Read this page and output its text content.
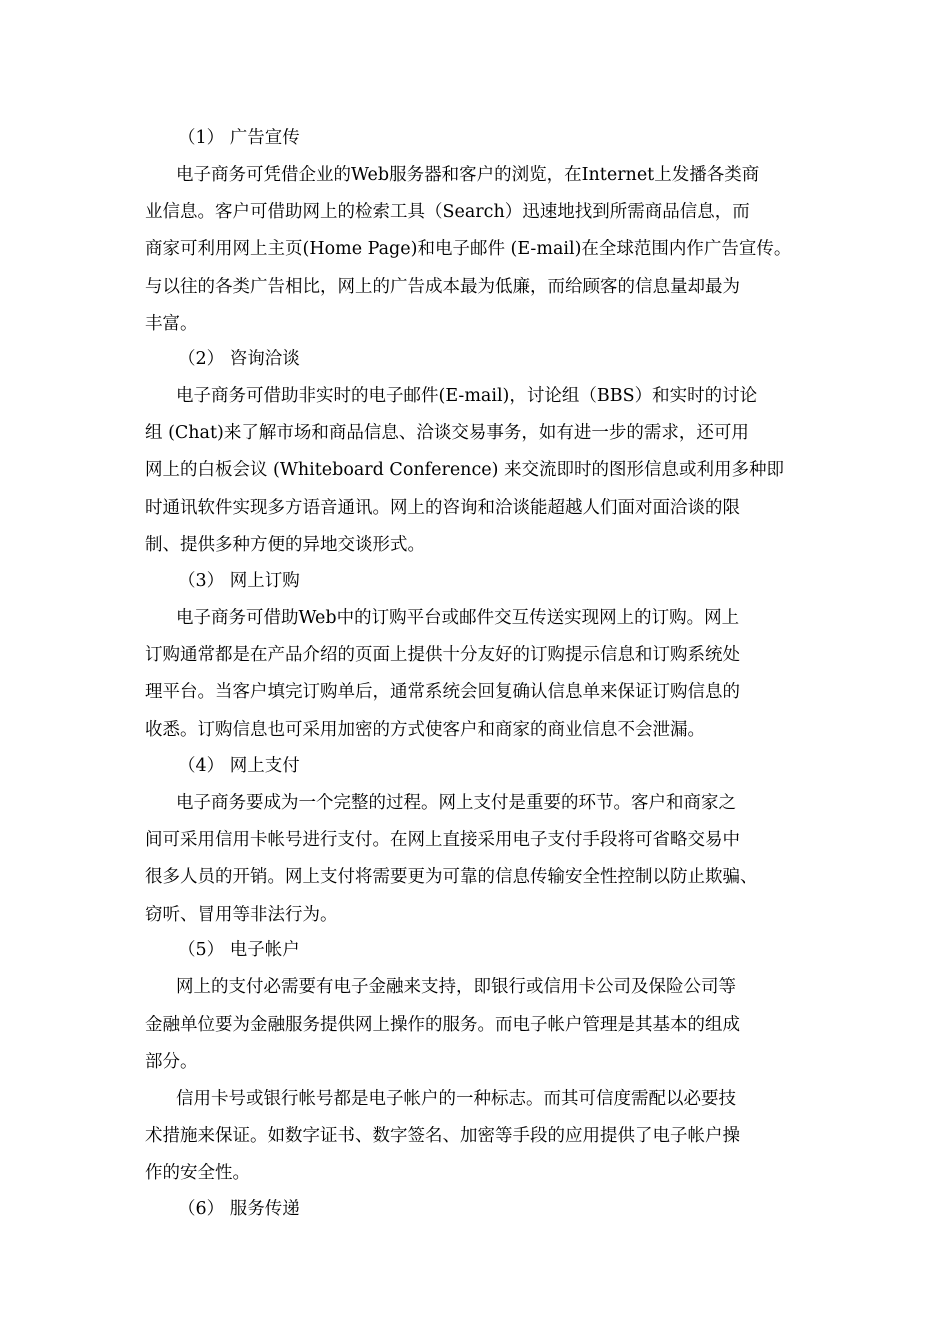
（1） 广告宣传
电子商务可凭借企业的Web服务器和客户的浏览，在Internet上发播各类商
业信息。客户可借助网上的检索工具（Search）迅速地找到所需商品信息，而
商家可利用网上主页(Home Page)和电子邮件 (E-mail)在全球范围内作广告宣传。
与以往的各类广告相比，网上的广告成本最为低廉，而给顾客的信息量却最为
丰富。
（2） 咨询洽谈
电子商务可借助非实时的电子邮件(E-mail)，讨论组（BBS）和实时的讨论
组 (Chat)来了解市场和商品信息、洽谈交易事务，如有进一步的需求，还可用
网上的白板会议 (Whiteboard Conference) 来交流即时的图形信息或利用多种即
时通讯软件实现多方语音通讯。网上的咨询和洽谈能超越人们面对面洽谈的限
制、提供多种方便的异地交谈形式。
（3） 网上订购
电子商务可借助Web中的订购平台或邮件交互传送实现网上的订购。网上
订购通常都是在产品介绍的页面上提供十分友好的订购提示信息和订购系统处
理平台。当客户填完订购单后，通常系统会回复确认信息单来保证订购信息的
收悉。订购信息也可采用加密的方式使客户和商家的商业信息不会泄漏。
（4） 网上支付
电子商务要成为一个完整的过程。网上支付是重要的环节。客户和商家之
间可采用信用卡帐号进行支付。在网上直接采用电子支付手段将可省略交易中
很多人员的开销。网上支付将需要更为可靠的信息传输安全性控制以防止欺骗、
窃听、冒用等非法行为。
（5） 电子帐户
网上的支付必需要有电子金融来支持，即银行或信用卡公司及保险公司等
金融单位要为金融服务提供网上操作的服务。而电子帐户管理是其基本的组成
部分。
信用卡号或银行帐号都是电子帐户的一种标志。而其可信度需配以必要技
术措施来保证。如数字证书、数字签名、加密等手段的应用提供了电子帐户操
作的安全性。
（6） 服务传递
